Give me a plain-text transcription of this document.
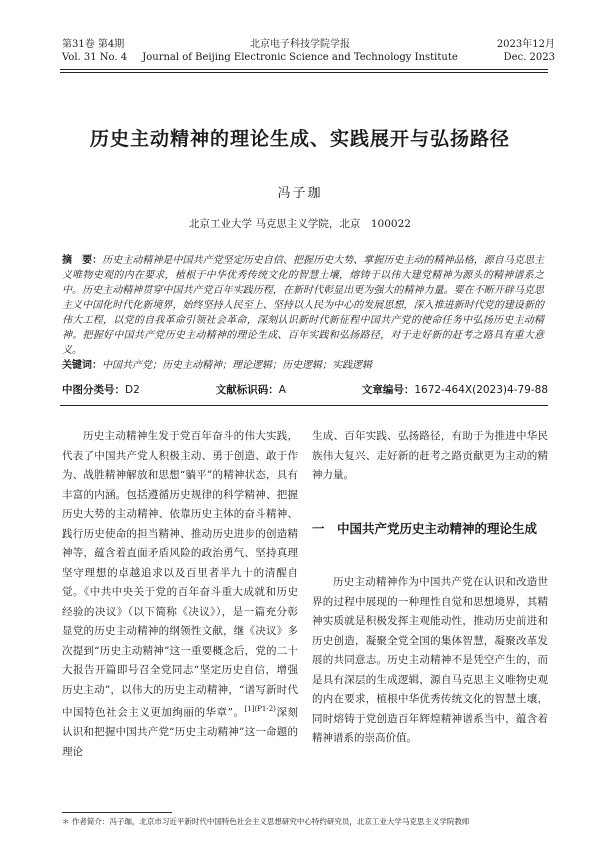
第31卷 第4期
Vol. 31 No. 4
北京电子科技学院学报
Journal of Beijing Electronic Science and Technology Institute
2023年12月
Dec. 2023
历史主动精神的理论生成、实践展开与弘扬路径
冯子珈
北京工业大学 马克思主义学院，北京　100022
摘　要：历史主动精神是中国共产党坚定历史自信、把握历史大势、掌握历史主动的精神品格，源自马克思主义唯物史观的内在要求，植根于中华优秀传统文化的智慧土壤，熔铸于以伟大建党精神为源头的精神谱系之中。历史主动精神贯穿中国共产党百年实践历程，在新时代彰显出更为强大的精神力量。要在不断开辟马克思主义中国化时代化新境界，始终坚持人民至上、坚持以人民为中心的发展思想，深入推进新时代党的建设新的伟大工程，以党的自我革命引领社会革命，深刻认识新时代新征程中国共产党的使命任务中弘扬历史主动精神。把握好中国共产党历史主动精神的理论生成、百年实践和弘扬路径，对于走好新的赶考之路具有重大意义。
关键词：中国共产党；历史主动精神；理论逻辑；历史逻辑；实践逻辑
中图分类号：D2	文献标识码：A	文章编号：1672-464X(2023)4-79-88

历史主动精神生发于党百年奋斗的伟大实践，代表了中国共产党人积极主动、勇于创造、敢于作为、战胜精神解放和思想“躺平”的精神状态，具有丰富的内涵。包括遵循历史规律的科学精神、把握历史大势的主动精神、依靠历史主体的奋斗精神、践行历史使命的担当精神、推动历史进步的创造精神等，蕴含着直面矛盾风险的政治勇气、坚持真理坚守理想的卓越追求以及百里者半九十的清醒自觉。《中共中央关于党的百年奋斗重大成就和历史经验的决议》（以下简称《决议》），是一篇充分彰显党的历史主动精神的纲领性文献，继《决议》多次提到“历史主动精神”这一重要概念后，党的二十大报告开篇即号召全党同志“坚定历史自信，增强历史主动”，以伟大的历史主动精神，“谱写新时代中国特色社会主义更加绚丽的华章”。$^{[1](P1-2)}$深刻认识和把握中国共产党“历史主动精神”这一命题的理论

生成、百年实践、弘扬路径，有助于为推进中华民族伟大复兴、走好新的赶考之路贡献更为主动的精神力量。
一　中国共产党历史主动精神的理论生成

历史主动精神作为中国共产党在认识和改造世界的过程中展现的一种理性自觉和思想境界，其精神实质就是积极发挥主观能动性，推动历史前进和历史创造，凝聚全党全国的集体智慧，凝聚改革发展的共同意志。历史主动精神不是凭空产生的，而是具有深层的生成逻辑，源自马克思主义唯物史观的内在要求，植根中华优秀传统文化的智慧土壤，同时熔铸于党创造百年辉煌精神谱系当中，蕴含着精神谱系的崇高价值。

＊ 作者简介：冯子珈，北京市习近平新时代中国特色社会主义思想研究中心特约研究员，北京工业大学马克思主义学院教师
